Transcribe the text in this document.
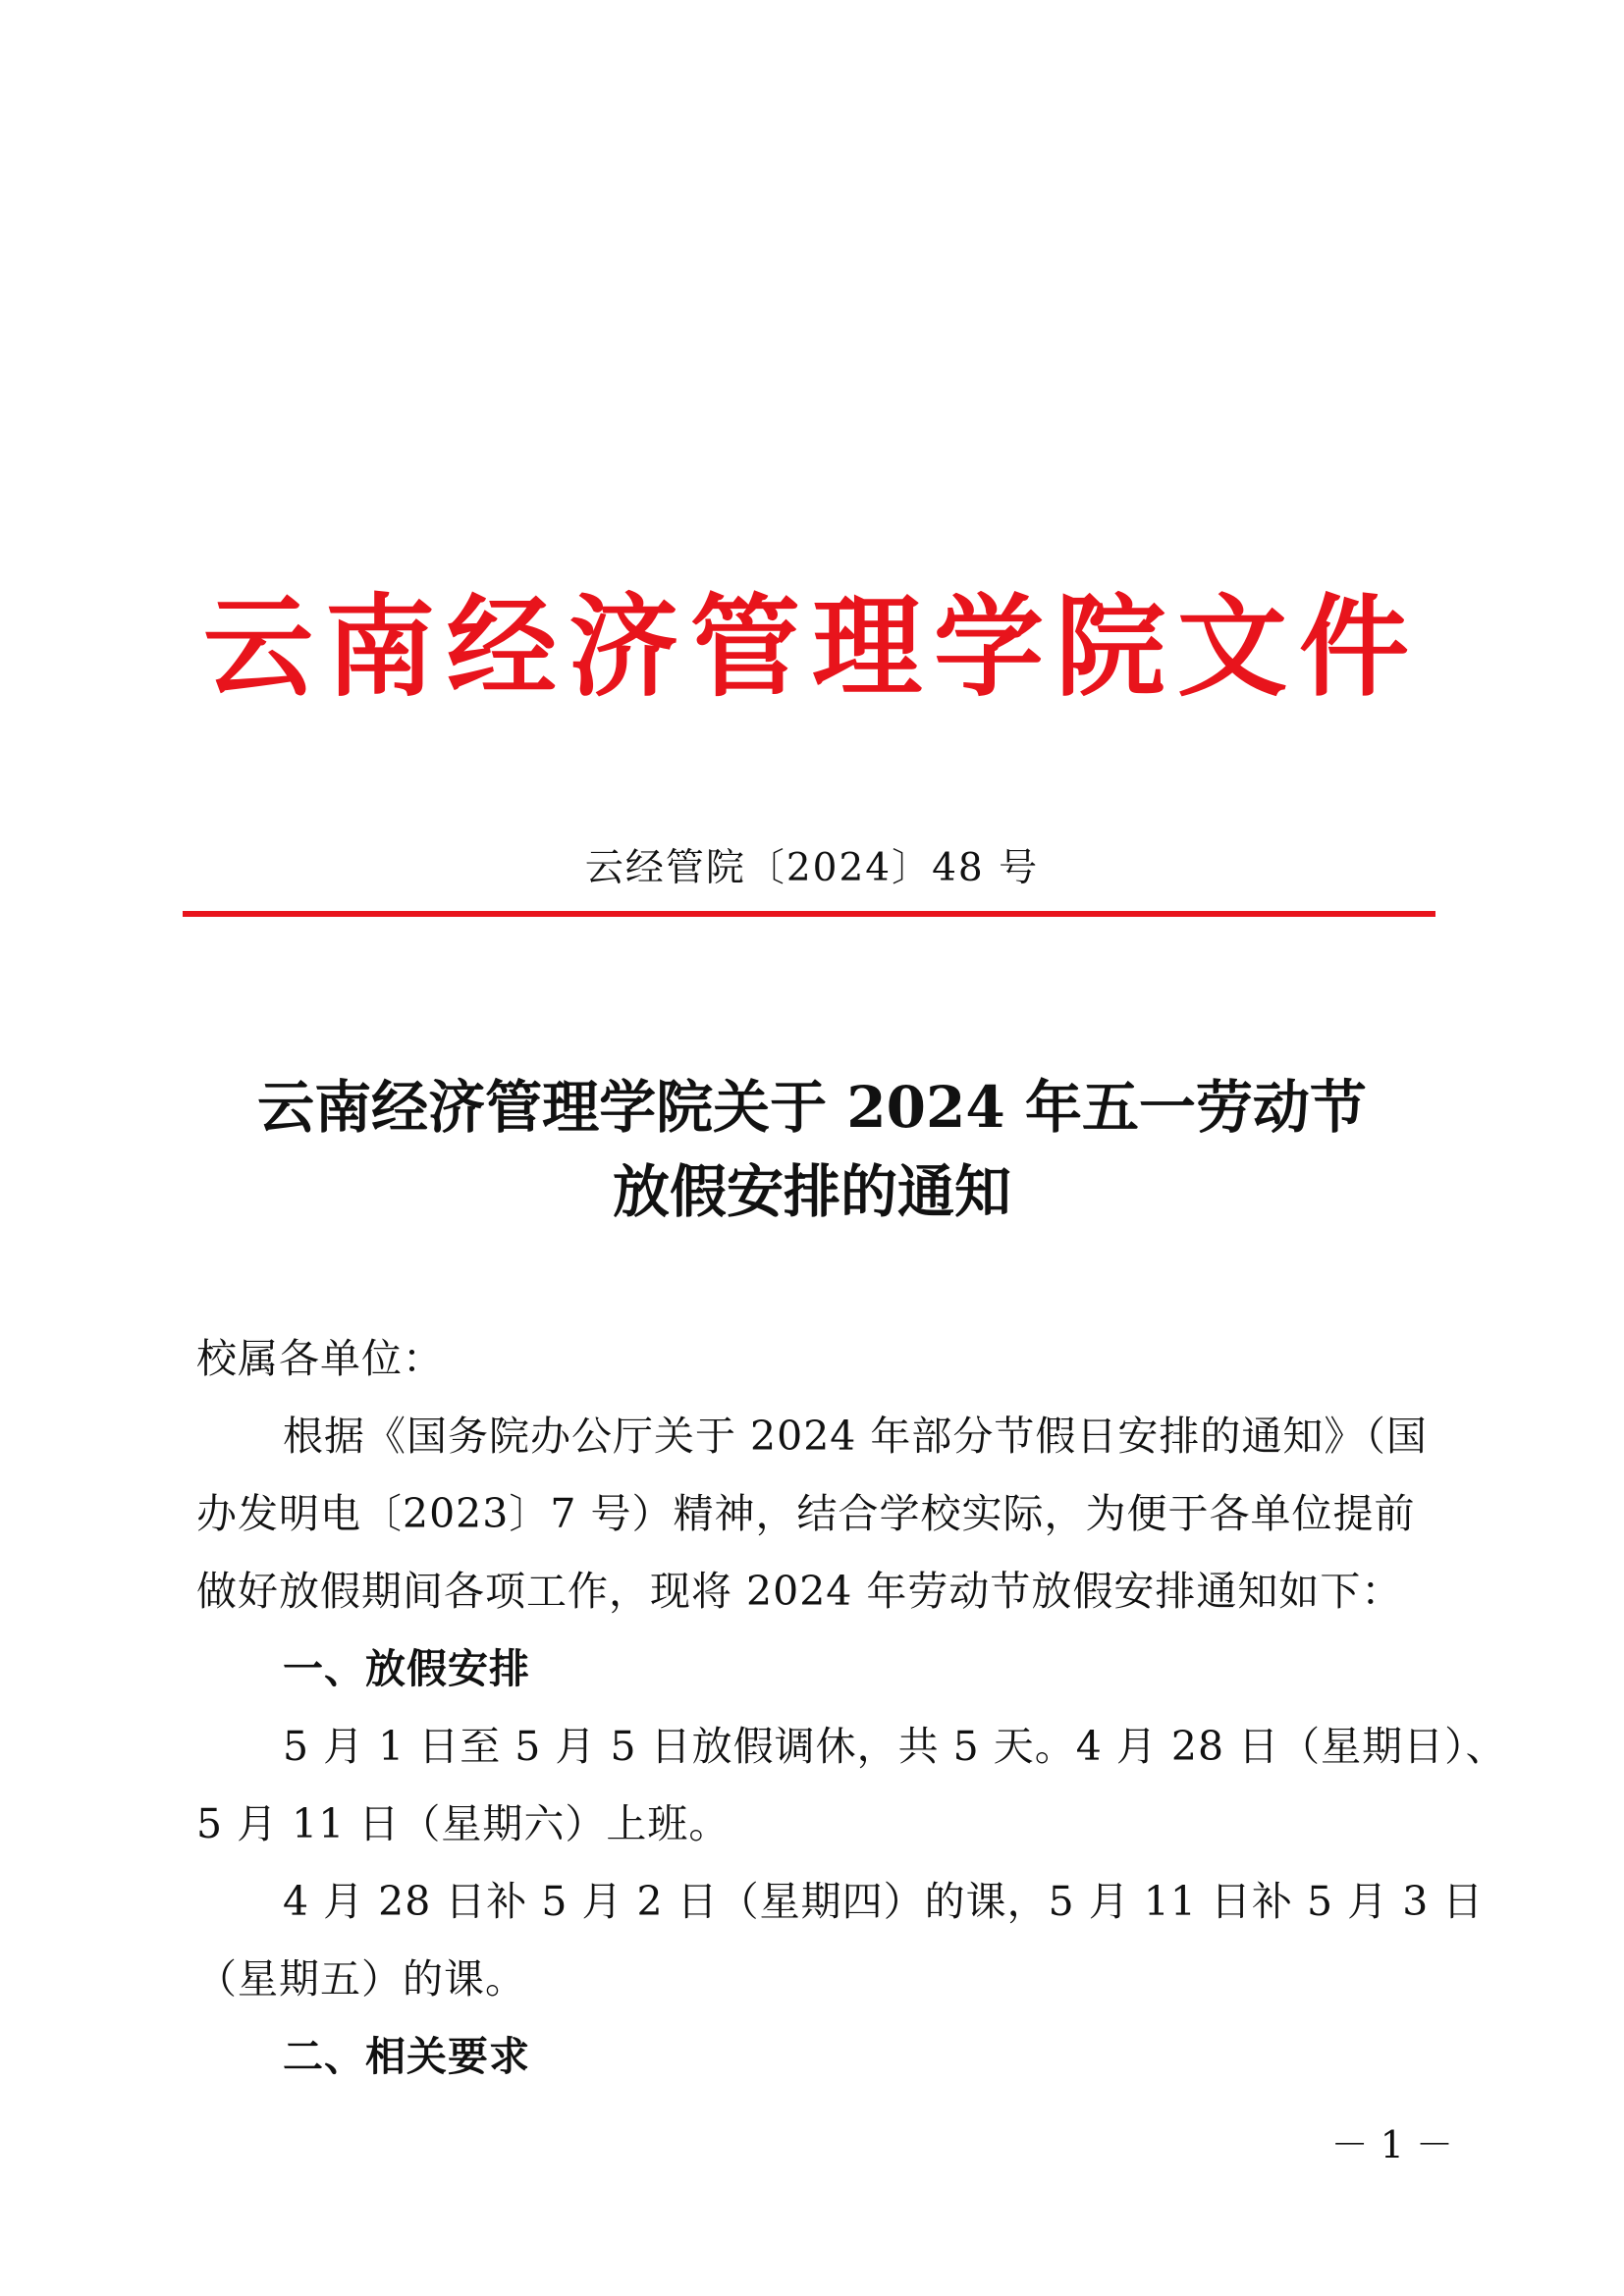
云南经济管理学院文件
云经管院〔2024〕48 号
云南经济管理学院关于 2024 年五一劳动节
放假安排的通知
校属各单位：
根据《国务院办公厅关于 2024 年部分节假日安排的通知》（国
办发明电〔2023〕7 号）精神，结合学校实际，为便于各单位提前
做好放假期间各项工作，现将 2024 年劳动节放假安排通知如下：
一、放假安排
5 月 1 日至 5 月 5 日放假调休，共 5 天。4 月 28 日（星期日）、
5 月 11 日（星期六）上班。
4 月 28 日补 5 月 2 日（星期四）的课，5 月 11 日补 5 月 3 日
（星期五）的课。
二、相关要求
－ 1 －
